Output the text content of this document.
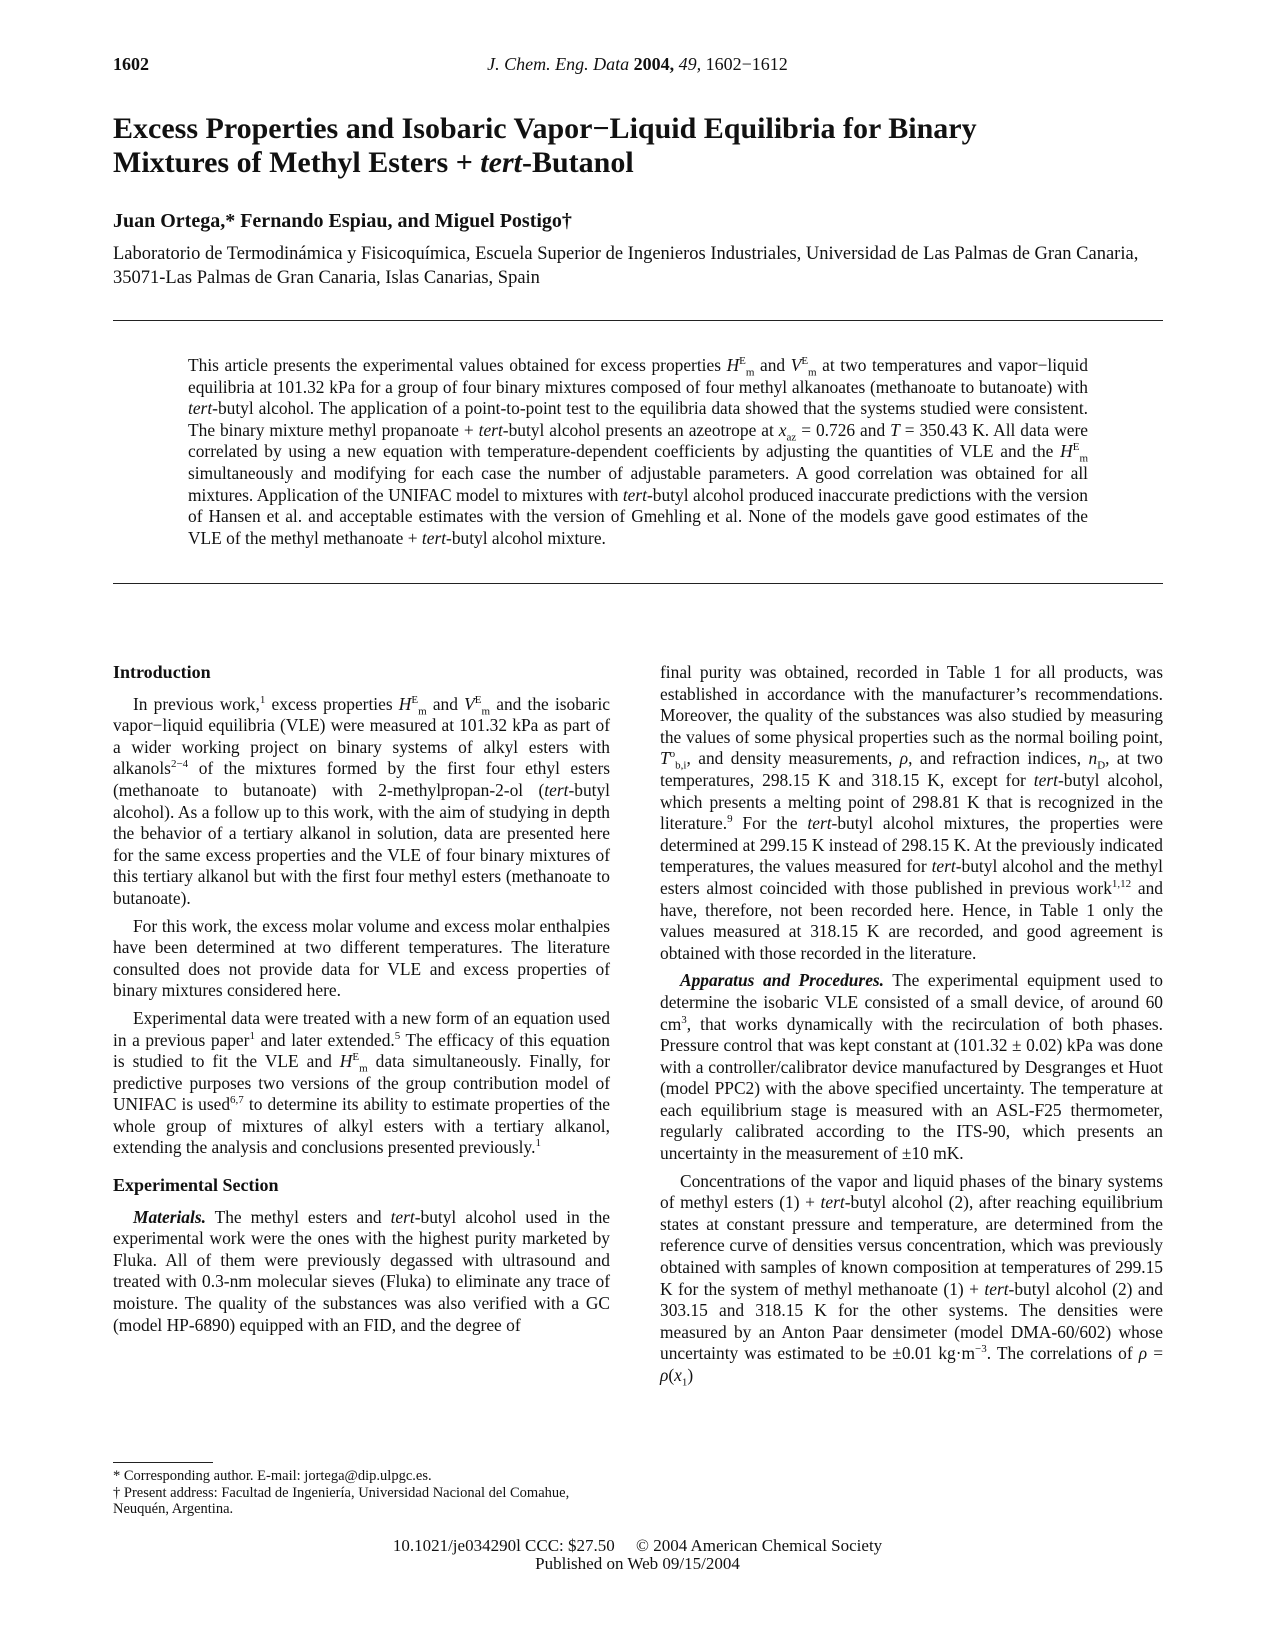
1602	J. Chem. Eng. Data 2004, 49, 1602−1612
Excess Properties and Isobaric Vapor−Liquid Equilibria for Binary
Mixtures of Methyl Esters + tert-Butanol
Juan Ortega,* Fernando Espiau, and Miguel Postigo†
Laboratorio de Termodinámica y Fisicoquímica, Escuela Superior de Ingenieros Industriales, Universidad de Las Palmas de Gran Canaria, 35071-Las Palmas de Gran Canaria, Islas Canarias, Spain
This article presents the experimental values obtained for excess properties $H^E_m$ and $V^E_m$ at two temperatures and vapor−liquid equilibria at 101.32 kPa for a group of four binary mixtures composed of four methyl alkanoates (methanoate to butanoate) with tert-butyl alcohol. The application of a point-to-point test to the equilibria data showed that the systems studied were consistent. The binary mixture methyl propanoate + tert-butyl alcohol presents an azeotrope at $x_{az} = 0.726$ and T = 350.43 K. All data were correlated by using a new equation with temperature-dependent coefficients by adjusting the quantities of VLE and the $H^E_m$ simultaneously and modifying for each case the number of adjustable parameters. A good correlation was obtained for all mixtures. Application of the UNIFAC model to mixtures with tert-butyl alcohol produced inaccurate predictions with the version of Hansen et al. and acceptable estimates with the version of Gmehling et al. None of the models gave good estimates of the VLE of the methyl methanoate + tert-butyl alcohol mixture.
Introduction

In previous work,$^1$ excess properties $H^E_m$ and $V^E_m$ and the isobaric vapor−liquid equilibria (VLE) were measured at 101.32 kPa as part of a wider working project on binary systems of alkyl esters with alkanols$^{2-4}$ of the mixtures formed by the first four ethyl esters (methanoate to butanoate) with 2-methylpropan-2-ol (tert-butyl alcohol). As a follow up to this work, with the aim of studying in depth the behavior of a tertiary alkanol in solution, data are presented here for the same excess properties and the VLE of four binary mixtures of this tertiary alkanol but with the first four methyl esters (methanoate to butanoate).

For this work, the excess molar volume and excess molar enthalpies have been determined at two different temperatures. The literature consulted does not provide data for VLE and excess properties of binary mixtures considered here.

Experimental data were treated with a new form of an equation used in a previous paper$^1$ and later extended.$^5$ The efficacy of this equation is studied to fit the VLE and $H^E_m$ data simultaneously. Finally, for predictive purposes two versions of the group contribution model of UNIFAC is used$^{6,7}$ to determine its ability to estimate properties of the whole group of mixtures of alkyl esters with a tertiary alkanol, extending the analysis and conclusions presented previously.$^1$

Experimental Section

Materials. The methyl esters and tert-butyl alcohol used in the experimental work were the ones with the highest purity marketed by Fluka. All of them were previously degassed with ultrasound and treated with 0.3-nm molecular sieves (Fluka) to eliminate any trace of moisture. The quality of the substances was also verified with a GC (model HP-6890) equipped with an FID, and the degree of

* Corresponding author. E-mail: jortega@dip.ulpgc.es.
† Present address: Facultad de Ingeniería, Universidad Nacional del Comahue, Neuquén, Argentina.

final purity was obtained, recorded in Table 1 for all products, was established in accordance with the manufacturer’s recommendations. Moreover, the quality of the substances was also studied by measuring the values of some physical properties such as the normal boiling point, $T^o_{b,i}$, and density measurements, ρ, and refraction indices, $n_D$, at two temperatures, 298.15 K and 318.15 K, except for tert-butyl alcohol, which presents a melting point of 298.81 K that is recognized in the literature.$^9$ For the tert-butyl alcohol mixtures, the properties were determined at 299.15 K instead of 298.15 K. At the previously indicated temperatures, the values measured for tert-butyl alcohol and the methyl esters almost coincided with those published in previous work$^{1,12}$ and have, therefore, not been recorded here. Hence, in Table 1 only the values measured at 318.15 K are recorded, and good agreement is obtained with those recorded in the literature.

Apparatus and Procedures. The experimental equipment used to determine the isobaric VLE consisted of a small device, of around 60 $cm^3$, that works dynamically with the recirculation of both phases. Pressure control that was kept constant at (101.32 ± 0.02) kPa was done with a controller/calibrator device manufactured by Desgranges et Huot (model PPC2) with the above specified uncertainty. The temperature at each equilibrium stage is measured with an ASL-F25 thermometer, regularly calibrated according to the ITS-90, which presents an uncertainty in the measurement of ±10 mK.

Concentrations of the vapor and liquid phases of the binary systems of methyl esters (1) + tert-butyl alcohol (2), after reaching equilibrium states at constant pressure and temperature, are determined from the reference curve of densities versus concentration, which was previously obtained with samples of known composition at temperatures of 299.15 K for the system of methyl methanoate (1) + tert-butyl alcohol (2) and 303.15 and 318.15 K for the other systems. The densities were measured by an Anton Paar densimeter (model DMA-60/602) whose uncertainty was estimated to be ±0.01 $kg\cdot m^{-3}$. The correlations of $\rho = \rho(x_1)$

10.1021/je034290l CCC: $27.50     © 2004 American Chemical Society
Published on Web 09/15/2004
